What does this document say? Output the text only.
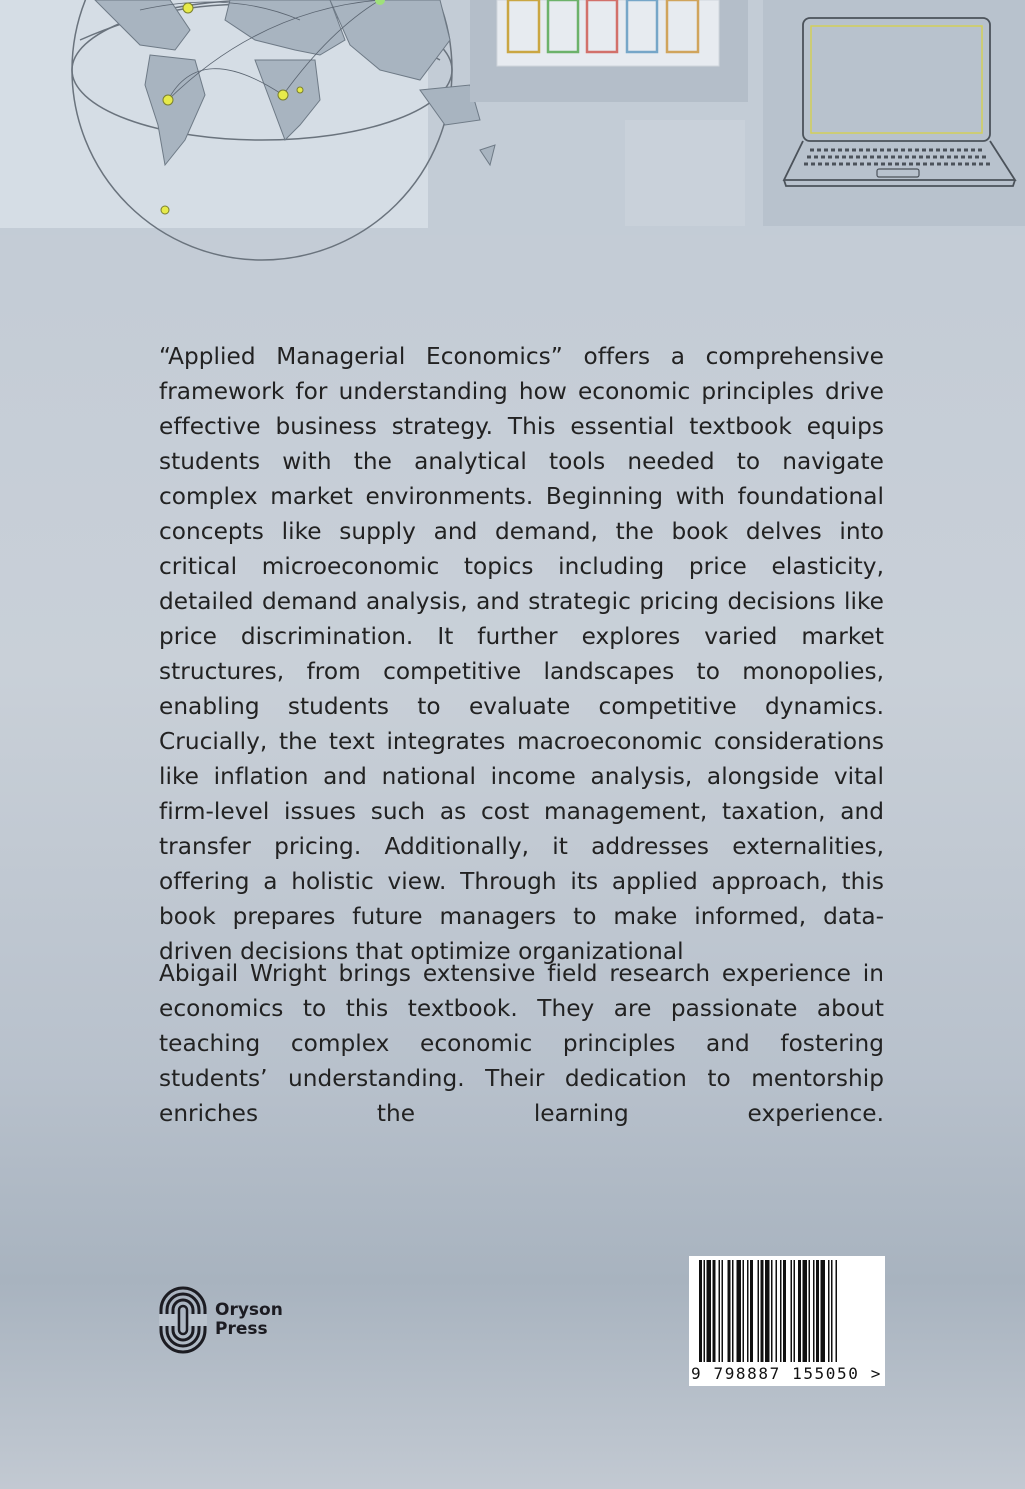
“Applied Managerial Economics” offers a comprehensive framework for understanding how economic principles drive effective business strategy. This essential textbook equips students with the analytical tools needed to navigate complex market environments. Beginning with foundational concepts like supply and demand, the book delves into critical microeconomic topics including price elasticity, detailed demand analysis, and strategic pricing decisions like price discrimination. It further explores varied market structures, from competitive landscapes to monopolies, enabling students to evaluate competitive dynamics. Crucially, the text integrates macroeconomic considerations like inflation and national income analysis, alongside vital firm-level issues such as cost management, taxation, and transfer pricing. Additionally, it addresses externalities, offering a holistic view. Through its applied approach, this book prepares future managers to make informed, data-driven decisions that optimize organizational

Abigail Wright brings extensive field research experience in economics to this textbook. They are passionate about teaching complex economic principles and fostering students’ understanding. Their dedication to mentorship enriches the learning experience.

Oryson
Press
9 798887 155050 >
